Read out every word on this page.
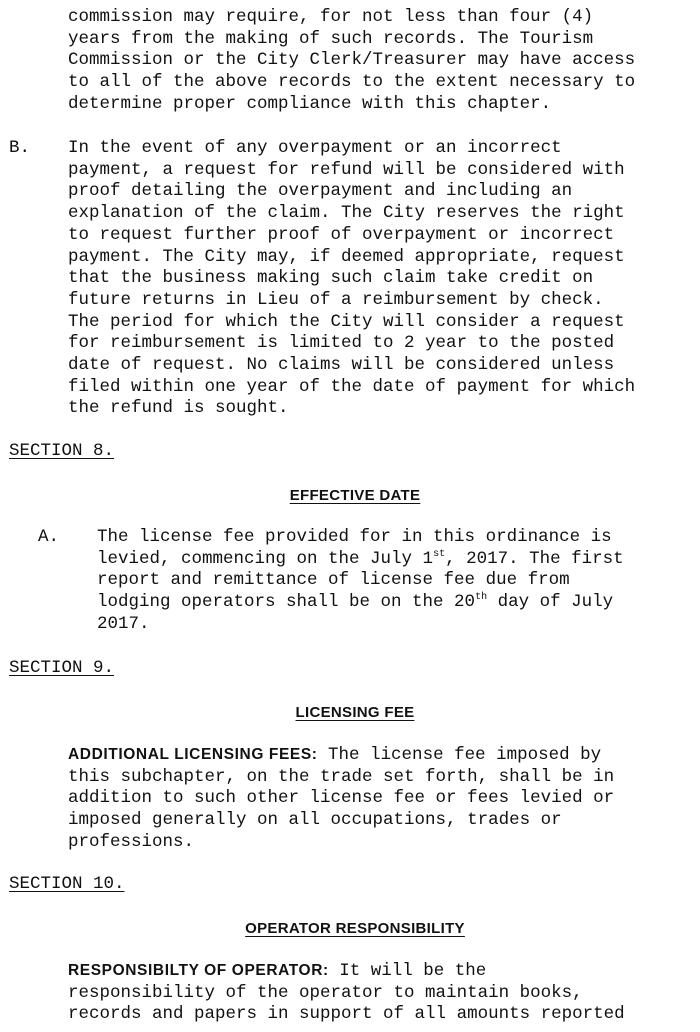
commission may require, for not less than four (4)
years from the making of such records. The Tourism
Commission or the City Clerk/Treasurer may have access
to all of the above records to the extent necessary to
determine proper compliance with this chapter.
B. In the event of any overpayment or an incorrect
payment, a request for refund will be considered with
proof detailing the overpayment and including an
explanation of the claim. The City reserves the right
to request further proof of overpayment or incorrect
payment. The City may, if deemed appropriate, request
that the business making such claim take credit on
future returns in Lieu of a reimbursement by check.
The period for which the City will consider a request
for reimbursement is limited to 2 year to the posted
date of request. No claims will be considered unless
filed within one year of the date of payment for which
the refund is sought.
SECTION 8.
EFFECTIVE DATE
A. The license fee provided for in this ordinance is
levied, commencing on the July 1st, 2017. The first
report and remittance of license fee due from
lodging operators shall be on the 20th day of July
2017.
SECTION 9.
LICENSING FEE
ADDITIONAL LICENSING FEES: The license fee imposed by
this subchapter, on the trade set forth, shall be in
addition to such other license fee or fees levied or
imposed generally on all occupations, trades or
professions.
SECTION 10.
OPERATOR RESPONSIBILITY
RESPONSIBILTY OF OPERATOR: It will be the
responsibility of the operator to maintain books,
records and papers in support of all amounts reported
